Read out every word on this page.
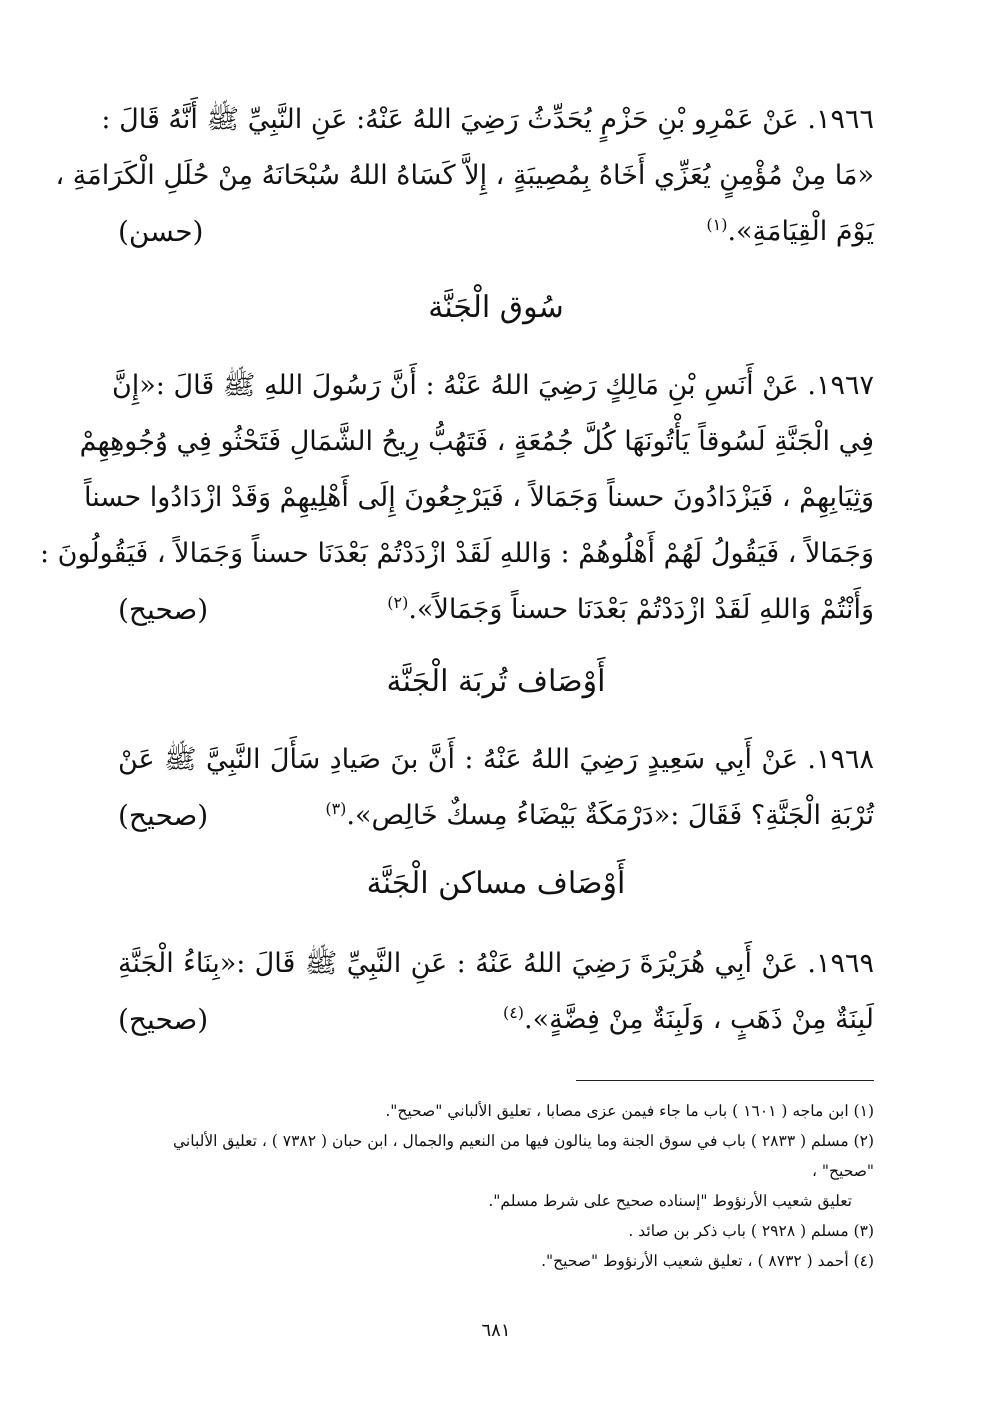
١٩٦٦. عَنْ عَمْرِو بْنِ حَزْمٍ يُحَدِّثُ رَضِيَ اللهُ عَنْهُ: عَنِ النَّبِيِّ ﷺ أَنَّهُ قَالَ :
«مَا مِنْ مُؤْمِنٍ يُعَزِّي أَخَاهُ بِمُصِيبَةٍ ، إِلاَّ كَسَاهُ اللهُ سُبْحَانَهُ مِنْ حُلَلِ الْكَرَامَةِ ،
يَوْمَ الْقِيَامَةِ».$^{(١)}$
(حسن)
سُوق الْجَنَّة
١٩٦٧. عَنْ أَنَسِ بْنِ مَالِكٍ رَضِيَ اللهُ عَنْهُ : أَنَّ رَسُولَ اللهِ ﷺ قَالَ :«إِنَّ
فِي الْجَنَّةِ لَسُوقاً يَأْتُونَهَا كُلَّ جُمُعَةٍ ، فَتَهُبُّ رِيحُ الشَّمَالِ فَتَحْثُو فِي وُجُوهِهِمْ
وَثِيَابِهِمْ ، فَيَزْدَادُونَ حسناً وَجَمَالاً ، فَيَرْجِعُونَ إِلَى أَهْلِيهِمْ وَقَدْ ازْدَادُوا حسناً
وَجَمَالاً ، فَيَقُولُ لَهُمْ أَهْلُوهُمْ : وَاللهِ لَقَدْ ازْدَدْتُمْ بَعْدَنَا حسناً وَجَمَالاً ، فَيَقُولُونَ :
وَأَنْتُمْ وَاللهِ لَقَدْ ازْدَدْتُمْ بَعْدَنَا حسناً وَجَمَالاً».$^{(٢)}$
(صحيح)
أَوْصَاف تُربَة الْجَنَّة
١٩٦٨. عَنْ أَبِي سَعِيدٍ رَضِيَ اللهُ عَنْهُ : أَنَّ بنَ صَيادِ سَأَلَ النَّبِيَّ ﷺ عَنْ
تُرْبَةِ الْجَنَّةِ؟ فَقَالَ :«دَرْمَكَةٌ بَيْضَاءُ مِسكٌ خَالِص».$^{(٣)}$
(صحيح)
أَوْصَاف مساكن الْجَنَّة
١٩٦٩. عَنْ أَبِي هُرَيْرَةَ رَضِيَ اللهُ عَنْهُ : عَنِ النَّبِيِّ ﷺ قَالَ :«بِنَاءُ الْجَنَّةِ
لَبِنَةٌ مِنْ ذَهَبٍ ، وَلَبِنَةٌ مِنْ فِضَّةٍ».$^{(٤)}$
(صحيح)
(١) ابن ماجه ( ١٦٠١ ) باب ما جاء فيمن عزى مصابا ، تعليق الألباني "صحيح".
(٢) مسلم ( ٢٨٣٣ ) باب في سوق الجنة وما ينالون فيها من النعيم والجمال ، ابن حبان ( ٧٣٨٢ ) ، تعليق الألباني "صحيح" ،
تعليق شعيب الأرنؤوط "إسناده صحيح على شرط مسلم".
(٣) مسلم ( ٢٩٢٨ ) باب ذكر بن صائد .
(٤) أحمد ( ٨٧٣٢ ) ، تعليق شعيب الأرنؤوط "صحيح".
٦٨١
